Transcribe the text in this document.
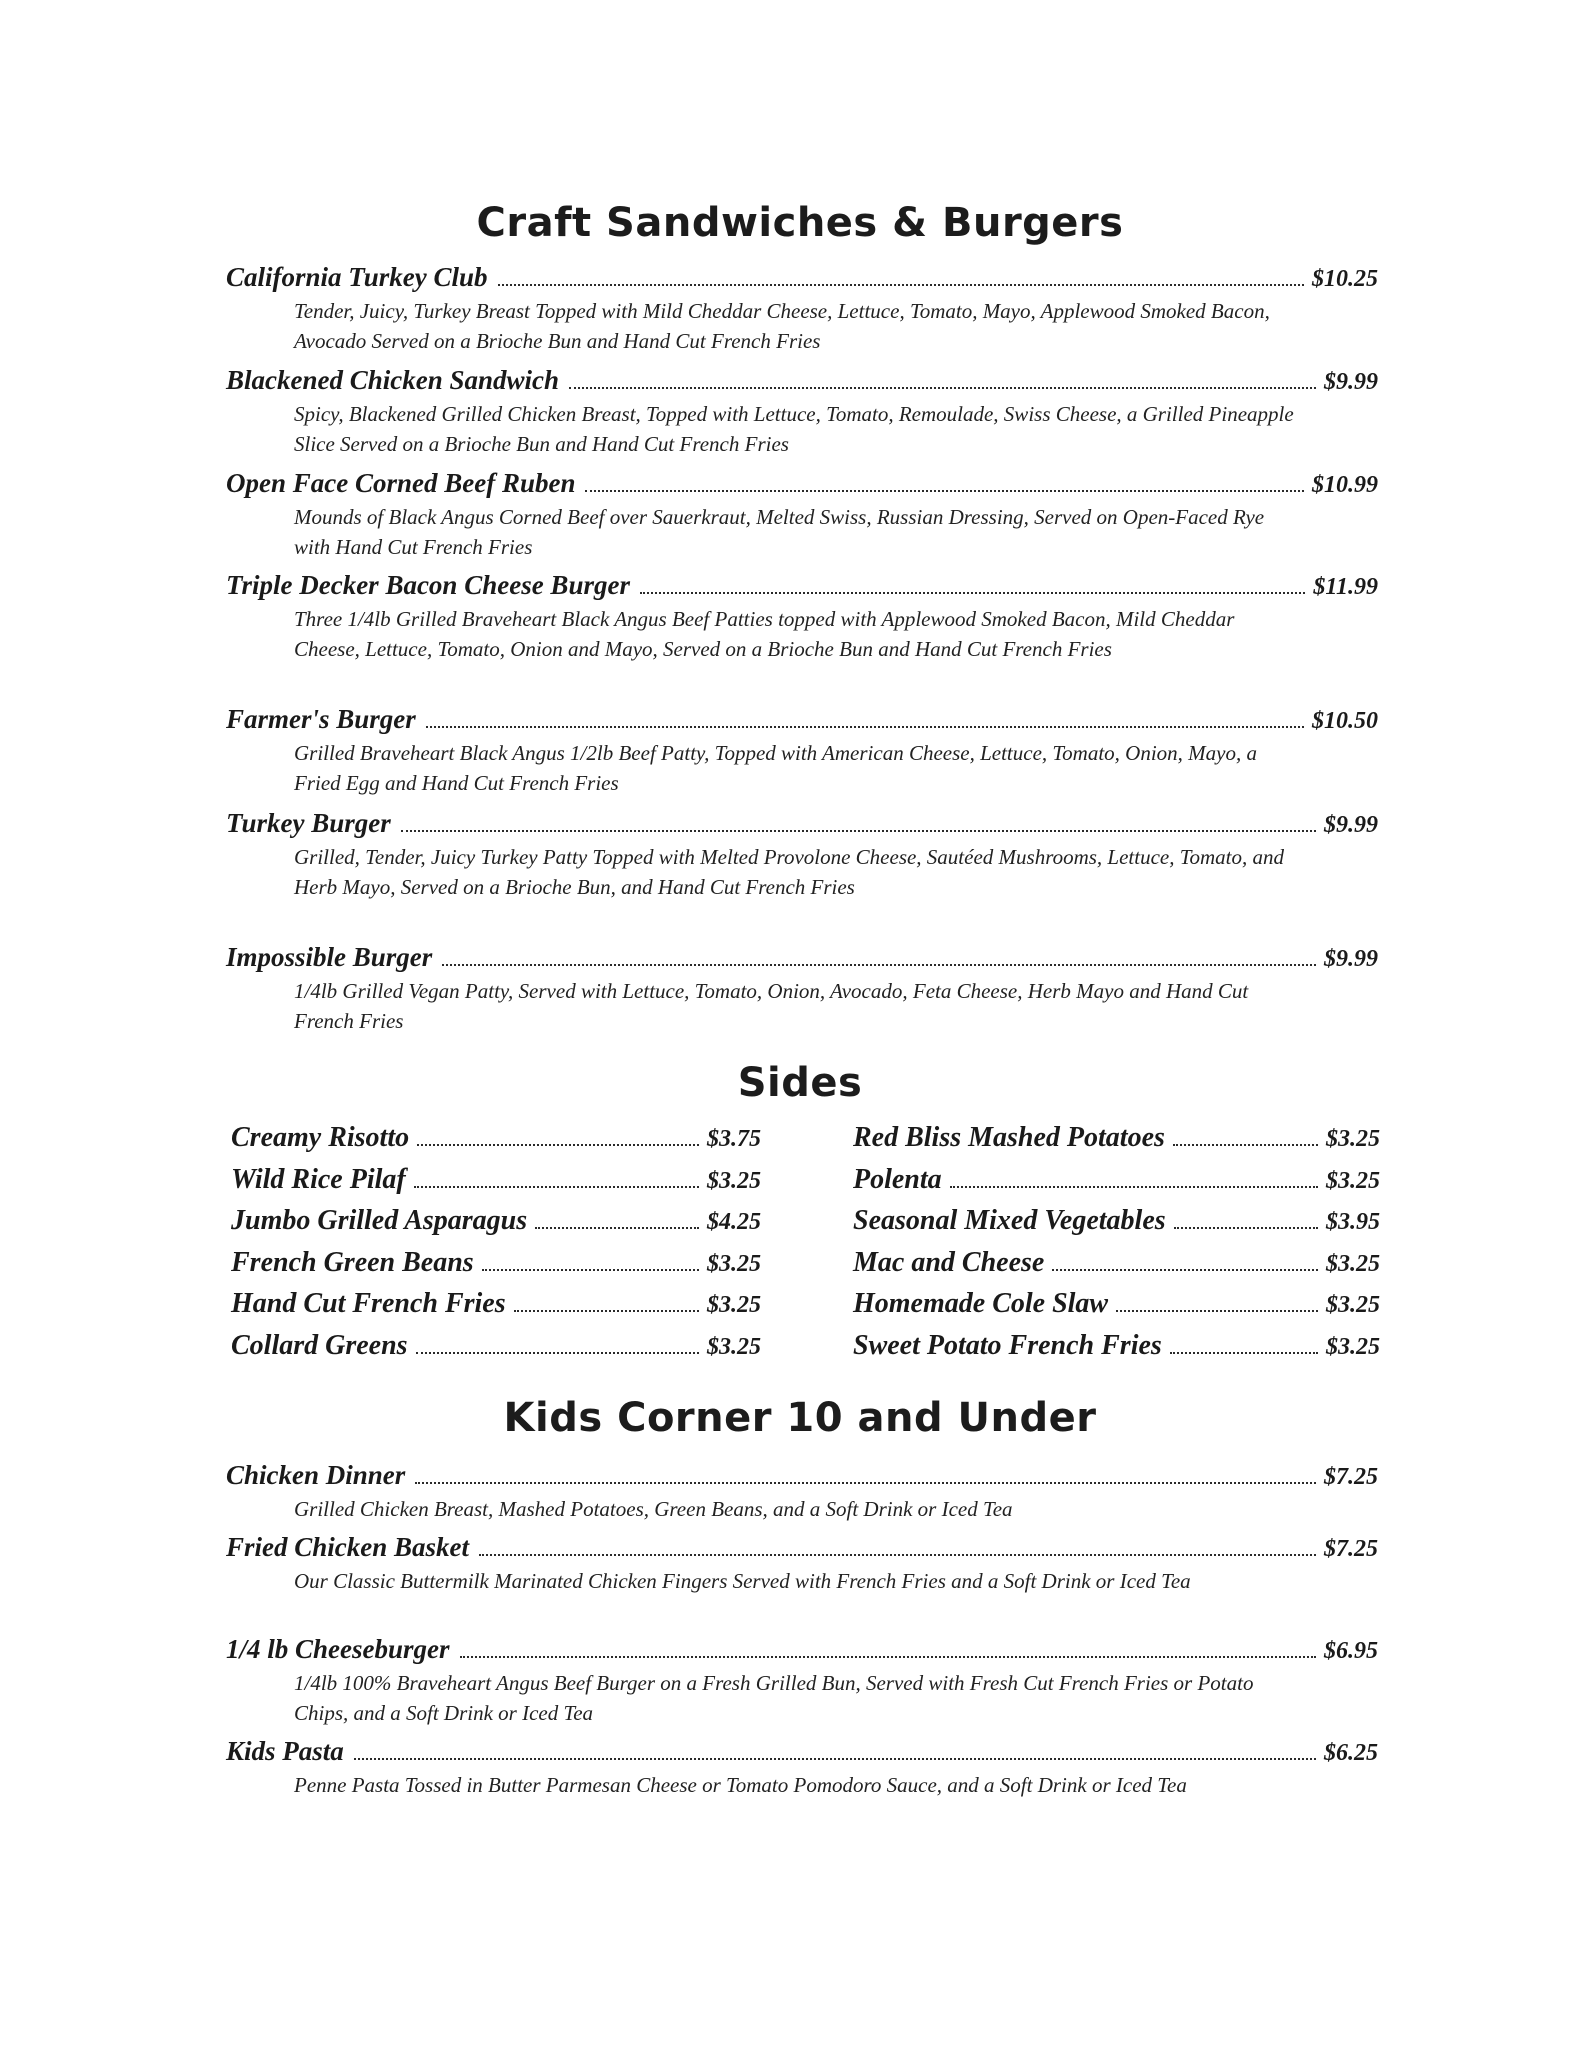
Craft Sandwiches & Burgers
California Turkey Club	$10.25
Tender, Juicy, Turkey Breast Topped with Mild Cheddar Cheese, Lettuce, Tomato, Mayo, Applewood Smoked Bacon, Avocado Served on a Brioche Bun and Hand Cut French Fries
Blackened Chicken Sandwich	$9.99
Spicy, Blackened Grilled Chicken Breast, Topped with Lettuce, Tomato, Remoulade, Swiss Cheese, a Grilled Pineapple Slice Served on a Brioche Bun and Hand Cut French Fries
Open Face Corned Beef Ruben	$10.99
Mounds of Black Angus Corned Beef over Sauerkraut, Melted Swiss, Russian Dressing, Served on Open-Faced Rye with Hand Cut French Fries
Triple Decker Bacon Cheese Burger	$11.99
Three 1/4lb Grilled Braveheart Black Angus Beef Patties topped with Applewood Smoked Bacon, Mild Cheddar Cheese, Lettuce, Tomato, Onion and Mayo, Served on a Brioche Bun and Hand Cut French Fries
Farmer's Burger	$10.50
Grilled Braveheart Black Angus 1/2lb Beef Patty, Topped with American Cheese, Lettuce, Tomato, Onion, Mayo, a Fried Egg and Hand Cut French Fries
Turkey Burger	$9.99
Grilled, Tender, Juicy Turkey Patty Topped with Melted Provolone Cheese, Sautéed Mushrooms, Lettuce, Tomato, and Herb Mayo, Served on a Brioche Bun, and Hand Cut French Fries
Impossible Burger	$9.99
1/4lb Grilled Vegan Patty, Served with Lettuce, Tomato, Onion, Avocado, Feta Cheese, Herb Mayo and Hand Cut French Fries
Sides
Creamy Risotto	$3.75
Wild Rice Pilaf	$3.25
Jumbo Grilled Asparagus	$4.25
French Green Beans	$3.25
Hand Cut French Fries	$3.25
Collard Greens	$3.25
Red Bliss Mashed Potatoes	$3.25
Polenta	$3.25
Seasonal Mixed Vegetables	$3.95
Mac and Cheese	$3.25
Homemade Cole Slaw	$3.25
Sweet Potato French Fries	$3.25
Kids Corner 10 and Under
Chicken Dinner	$7.25
Grilled Chicken Breast, Mashed Potatoes, Green Beans, and a Soft Drink or Iced Tea
Fried Chicken Basket	$7.25
Our Classic Buttermilk Marinated Chicken Fingers Served with French Fries and a Soft Drink or Iced Tea
1/4 lb Cheeseburger	$6.95
1/4lb 100% Braveheart Angus Beef Burger on a Fresh Grilled Bun, Served with Fresh Cut French Fries or Potato Chips, and a Soft Drink or Iced Tea
Kids Pasta	$6.25
Penne Pasta Tossed in Butter Parmesan Cheese or Tomato Pomodoro Sauce, and a Soft Drink or Iced Tea
